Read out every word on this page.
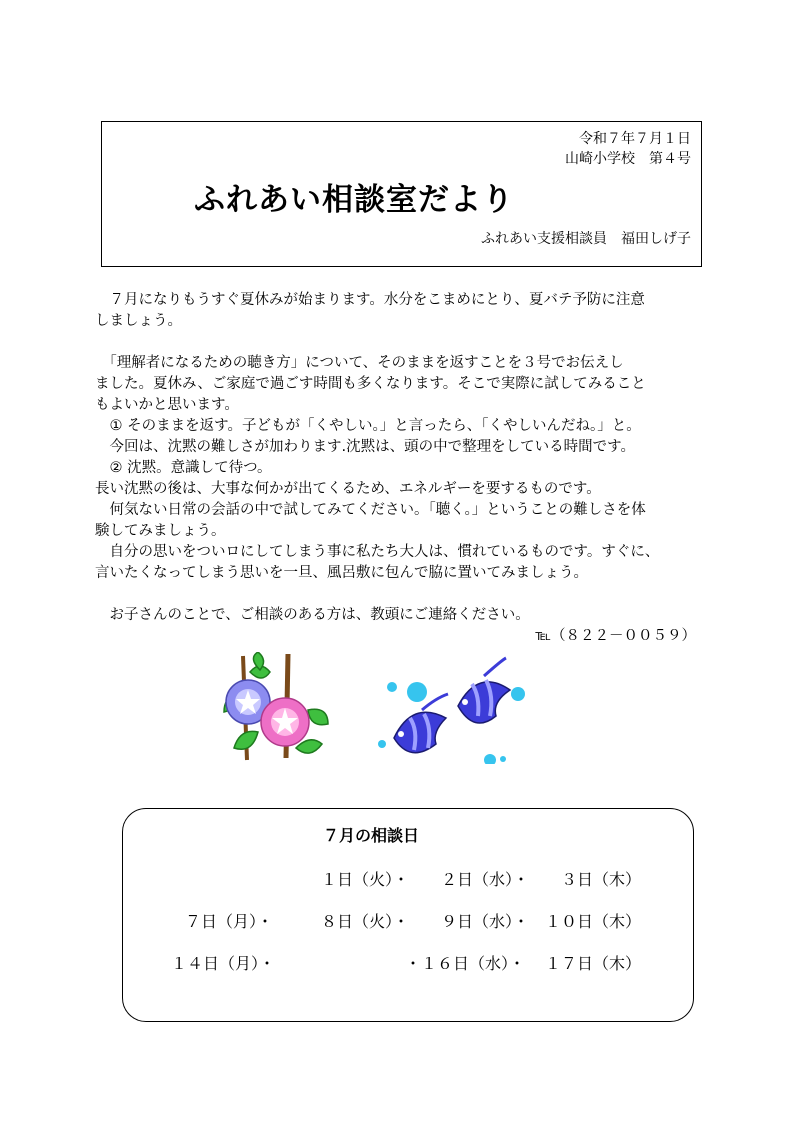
令和７年７月１日
山崎小学校　第４号
ふれあい相談室だより
ふれあい支援相談員　福田しげ子
　７月になりもうすぐ夏休みが始まります。水分をこまめにとり、夏バテ予防に注意
しましょう。
　「理解者になるための聴き方」について、そのままを返すことを３号でお伝えし
ました。夏休み、ご家庭で過ごす時間も多くなります。そこで実際に試してみること
もよいかと思います。
　① そのままを返す。子どもが「くやしい。」と言ったら、「くやしいんだね。」と。
　今回は、沈黙の難しさが加わります.沈黙は、頭の中で整理をしている時間です。
　② 沈黙。意識して待つ。
長い沈黙の後は、大事な何かが出てくるため、エネルギーを要するものです。
　何気ない日常の会話の中で試してみてください。「聴く。」ということの難しさを体
験してみましょう。
　自分の思いをついロにしてしまう事に私たち大人は、慣れているものです。すぐに、
言いたくなってしまう思いを一旦、風呂敷に包んで脇に置いてみましょう。
　お子さんのことで、ご相談のある方は、教頭にご連絡ください。
℡（８２２－００５９）
７月の相談日
１日（火）・ ２日（水）・ ３日（木）
７日（月）・	８日（火）・ ９日（水）・ １０日（木）
１４日（月）・	・１６日（水）・ １７日（木）
